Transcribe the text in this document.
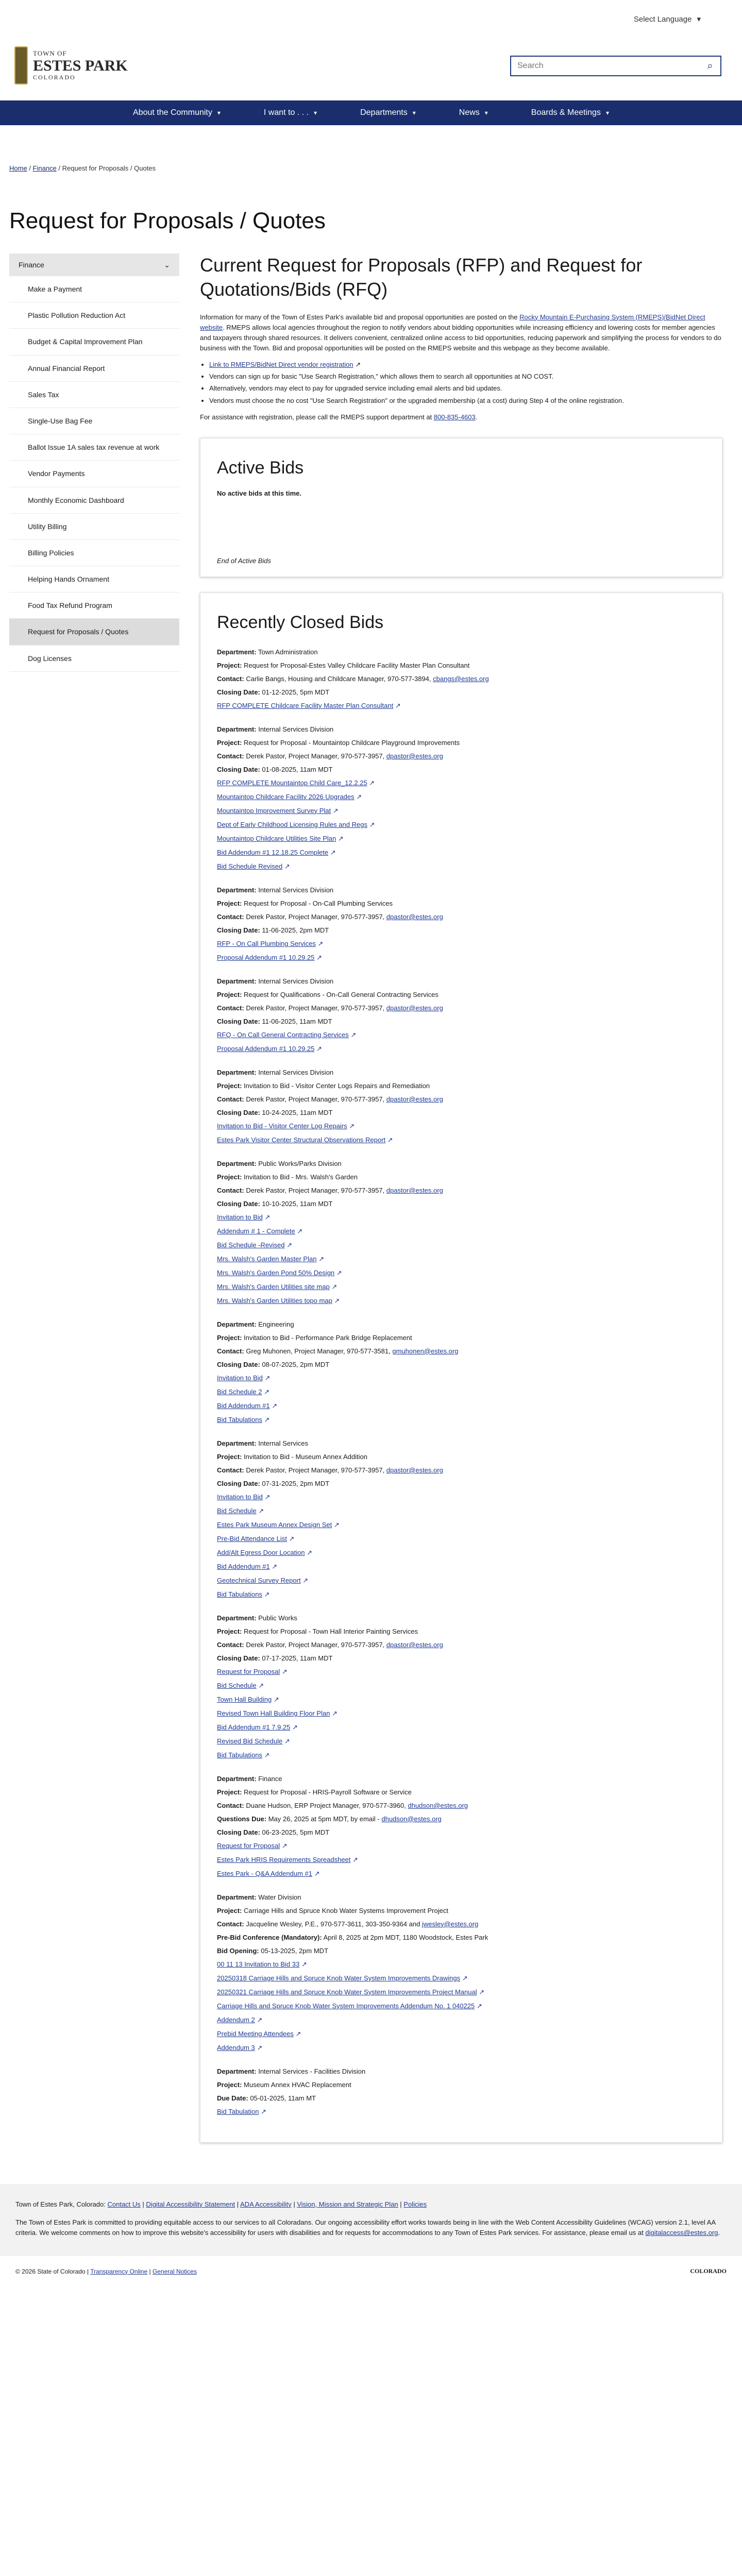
Select Language ▾
TOWN OF
ESTES PARK
COLORADO
Search
⌕
About the Community ▾	I want to . . . ▾	Departments ▾	News ▾	Boards & Meetings ▾
Home / Finance / Request for Proposals / Quotes
Request for Proposals / Quotes
Finance	⌄
Make a Payment
Plastic Pollution Reduction Act
Budget & Capital Improvement Plan
Annual Financial Report
Sales Tax
Single-Use Bag Fee
Ballot Issue 1A sales tax revenue at work
Vendor Payments
Monthly Economic Dashboard
Utility Billing
Billing Policies
Helping Hands Ornament
Food Tax Refund Program
Request for Proposals / Quotes
Dog Licenses
Current Request for Proposals (RFP) and Request for Quotations/Bids (RFQ)

Information for many of the Town of Estes Park's available bid and proposal opportunities are posted on the Rocky Mountain E-Purchasing System (RMEPS)/BidNet Direct website. RMEPS allows local agencies throughout the region to notify vendors about bidding opportunities while increasing efficiency and lowering costs for member agencies and taxpayers through shared resources. It delivers convenient, centralized online access to bid opportunities, reducing paperwork and simplifying the process for vendors to do business with the Town. Bid and proposal opportunities will be posted on the RMEPS website and this webpage as they become available.

• Link to RMEPS/BidNet Direct vendor registration ↗
• Vendors can sign up for basic "Use Search Registration," which allows them to search all opportunities at NO COST.
• Alternatively, vendors may elect to pay for upgraded service including email alerts and bid updates.
• Vendors must choose the no cost "Use Search Registration" or the upgraded membership (at a cost) during Step 4 of the online registration.

For assistance with registration, please call the RMEPS support department at 800-835-4603.

Active Bids

No active bids at this time.

End of Active Bids

Recently Closed Bids

Department: Town Administration

Project: Request for Proposal-Estes Valley Childcare Facility Master Plan Consultant

Contact: Carlie Bangs, Housing and Childcare Manager, 970-577-3894, cbangs@estes.org

Closing Date: 01-12-2025, 5pm MDT

RFP COMPLETE Childcare Facility Master Plan Consultant ↗

Department: Internal Services Division

Project: Request for Proposal - Mountaintop Childcare Playground Improvements

Contact: Derek Pastor, Project Manager, 970-577-3957, dpastor@estes.org

Closing Date: 01-08-2025, 11am MDT

RFP COMPLETE Mountaintop Child Care_12.2.25 ↗

Mountaintop Childcare Facility 2026 Upgrades ↗

Mountaintop Improvement Survey Plat ↗

Dept of Early Childhood Licensing Rules and Regs ↗

Mountaintop Childcare Utilities Site Plan ↗

Bid Addendum #1 12.18.25 Complete ↗

Bid Schedule Revised ↗

Department: Internal Services Division

Project: Request for Proposal - On-Call Plumbing Services

Contact: Derek Pastor, Project Manager, 970-577-3957, dpastor@estes.org

Closing Date: 11-06-2025, 2pm MDT

RFP - On Call Plumbing Services ↗

Proposal Addendum #1 10.29.25 ↗

Department: Internal Services Division

Project: Request for Qualifications - On-Call General Contracting Services

Contact: Derek Pastor, Project Manager, 970-577-3957, dpastor@estes.org

Closing Date: 11-06-2025, 11am MDT

RFQ - On Call General Contracting Services ↗

Proposal Addendum #1 10.29.25 ↗

Department: Internal Services Division

Project: Invitation to Bid - Visitor Center Logs Repairs and Remediation

Contact: Derek Pastor, Project Manager, 970-577-3957, dpastor@estes.org

Closing Date: 10-24-2025, 11am MDT

Invitation to Bid - Visitor Center Log Repairs ↗

Estes Park Visitor Center Structural Observations Report ↗

Department: Public Works/Parks Division

Project: Invitation to Bid - Mrs. Walsh's Garden

Contact: Derek Pastor, Project Manager, 970-577-3957, dpastor@estes.org

Closing Date: 10-10-2025, 11am MDT

Invitation to Bid ↗

Addendum # 1 - Complete ↗

Bid Schedule -Revised ↗

Mrs. Walsh's Garden Master Plan ↗

Mrs. Walsh's Garden Pond 50% Design ↗

Mrs. Walsh's Garden Utilities site map ↗

Mrs. Walsh's Garden Utilities topo map ↗

Department: Engineering

Project: Invitation to Bid - Performance Park Bridge Replacement

Contact: Greg Muhonen, Project Manager, 970-577-3581, gmuhonen@estes.org

Closing Date: 08-07-2025, 2pm MDT

Invitation to Bid ↗

Bid Schedule 2 ↗

Bid Addendum #1 ↗

Bid Tabulations ↗

Department: Internal Services

Project: Invitation to Bid - Museum Annex Addition

Contact: Derek Pastor, Project Manager, 970-577-3957, dpastor@estes.org

Closing Date: 07-31-2025, 2pm MDT

Invitation to Bid ↗

Bid Schedule ↗

Estes Park Museum Annex Design Set ↗

Pre-Bid Attendance List ↗

Add/Alt Egress Door Location ↗

Bid Addendum #1 ↗

Geotechnical Survey Report ↗

Bid Tabulations ↗

Department: Public Works

Project: Request for Proposal - Town Hall Interior Painting Services

Contact: Derek Pastor, Project Manager, 970-577-3957, dpastor@estes.org

Closing Date: 07-17-2025, 11am MDT

Request for Proposal ↗

Bid Schedule ↗

Town Hall Building ↗

Revised Town Hall Building Floor Plan ↗

Bid Addendum #1 7.9.25 ↗

Revised Bid Schedule ↗

Bid Tabulations ↗

Department: Finance

Project: Request for Proposal - HRIS-Payroll Software or Service

Contact: Duane Hudson, ERP Project Manager, 970-577-3960, dhudson@estes.org

Questions Due: May 26, 2025 at 5pm MDT, by email - dhudson@estes.org

Closing Date: 06-23-2025, 5pm MDT

Request for Proposal ↗

Estes Park HRIS Requirements Spreadsheet ↗

Estes Park - Q&A Addendum #1 ↗

Department: Water Division

Project: Carriage Hills and Spruce Knob Water Systems Improvement Project

Contact: Jacqueline Wesley, P.E., 970-577-3611, 303-350-9364 and jwesley@estes.org

Pre-Bid Conference (Mandatory): April 8, 2025 at 2pm MDT, 1180 Woodstock, Estes Park

Bid Opening: 05-13-2025, 2pm MDT

00 11 13 Invitation to Bid 33 ↗

20250318 Carriage Hills and Spruce Knob Water System Improvements Drawings ↗

20250321 Carriage Hills and Spruce Knob Water System Improvements Project Manual ↗

Carriage Hills and Spruce Knob Water System Improvements Addendum No. 1 040225 ↗

Addendum 2 ↗

Prebid Meeting Attendees ↗

Addendum 3 ↗

Department: Internal Services - Facilities Division

Project: Museum Annex HVAC Replacement

Due Date: 05-01-2025, 11am MT

Bid Tabulation ↗

Town of Estes Park, Colorado: Contact Us | Digital Accessibility Statement | ADA Accessibility | Vision, Mission and Strategic Plan | Policies

The Town of Estes Park is committed to providing equitable access to our services to all Coloradans. Our ongoing accessibility effort works towards being in line with the Web Content Accessibility Guidelines (WCAG) version 2.1, level AA criteria. We welcome comments on how to improve this website's accessibility for users with disabilities and for requests for accommodations to any Town of Estes Park services. For assistance, please email us at digitalaccess@estes.org.

© 2026 State of Colorado | Transparency Online | General Notices	COLORADO
